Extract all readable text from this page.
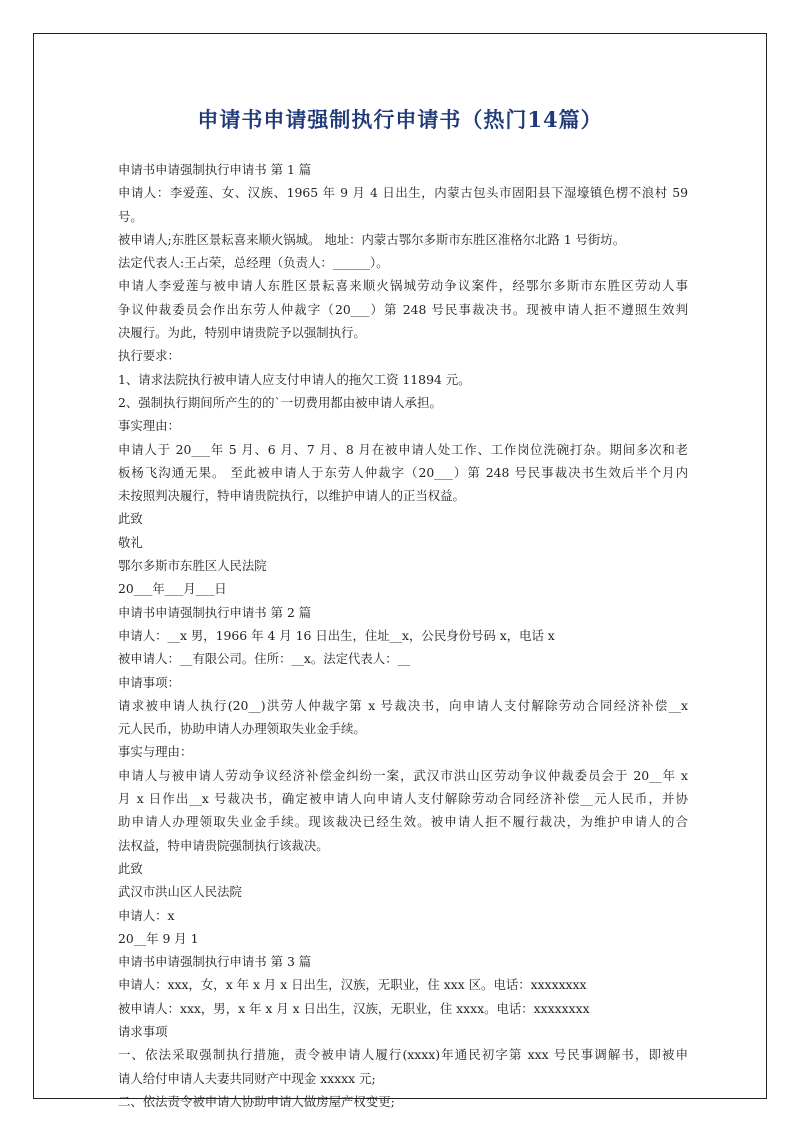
申请书申请强制执行申请书（热门14篇）
申请书申请强制执行申请书 第 1 篇
申请人：李爱莲、女、汉族、1965 年 9 月 4 日出生，内蒙古包头市固阳县下湿壕镇色楞不浪村 59
号。
被申请人;东胜区景耘喜来顺火锅城。 地址：内蒙古鄂尔多斯市东胜区准格尔北路 1 号街坊。
法定代表人:王占荣，总经理（负责人：______）。
申请人李爱莲与被申请人东胜区景耘喜来顺火锅城劳动争议案件，经鄂尔多斯市东胜区劳动人事
争议仲裁委员会作出东劳人仲裁字（20___）第 248 号民事裁决书。现被申请人拒不遵照生效判
决履行。为此，特别申请贵院予以强制执行。
执行要求：
1、请求法院执行被申请人应支付申请人的拖欠工资 11894 元。
2、强制执行期间所产生的的`一切费用都由被申请人承担。
事实理由：
申请人于 20___年 5 月、6 月、7 月、8 月在被申请人处工作、工作岗位洗碗打杂。期间多次和老
板杨飞沟通无果。 至此被申请人于东劳人仲裁字（20___）第 248 号民事裁决书生效后半个月内
未按照判决履行，特申请贵院执行，以维护申请人的正当权益。
此致
敬礼
鄂尔多斯市东胜区人民法院
20___年___月___日
申请书申请强制执行申请书 第 2 篇
申请人：__x 男，1966 年 4 月 16 日出生，住址__x，公民身份号码 x，电话 x
被申请人：__有限公司。住所：__x。法定代表人：__
申请事项：
请求被申请人执行(20__)洪劳人仲裁字第 x 号裁决书，向申请人支付解除劳动合同经济补偿__x
元人民币，协助申请人办理领取失业金手续。
事实与理由：
申请人与被申请人劳动争议经济补偿金纠纷一案，武汉市洪山区劳动争议仲裁委员会于 20__年 x
月 x 日作出__x 号裁决书，确定被申请人向申请人支付解除劳动合同经济补偿__元人民币，并协
助申请人办理领取失业金手续。现该裁决已经生效。被申请人拒不履行裁决，为维护申请人的合
法权益，特申请贵院强制执行该裁决。
此致
武汉市洪山区人民法院
申请人：x
20__年 9 月 1
申请书申请强制执行申请书 第 3 篇
申请人：xxx，女，x 年 x 月 x 日出生，汉族，无职业，住 xxx 区。电话：xxxxxxxx
被申请人：xxx，男，x 年 x 月 x 日出生，汉族，无职业，住 xxxx。电话：xxxxxxxx
请求事项
一、依法采取强制执行措施，责令被申请人履行(xxxx)年通民初字第 xxx 号民事调解书，即被申
请人给付申请人夫妻共同财产中现金 xxxxx 元;
二、依法责令被申请人协助申请人做房屋产权变更;
